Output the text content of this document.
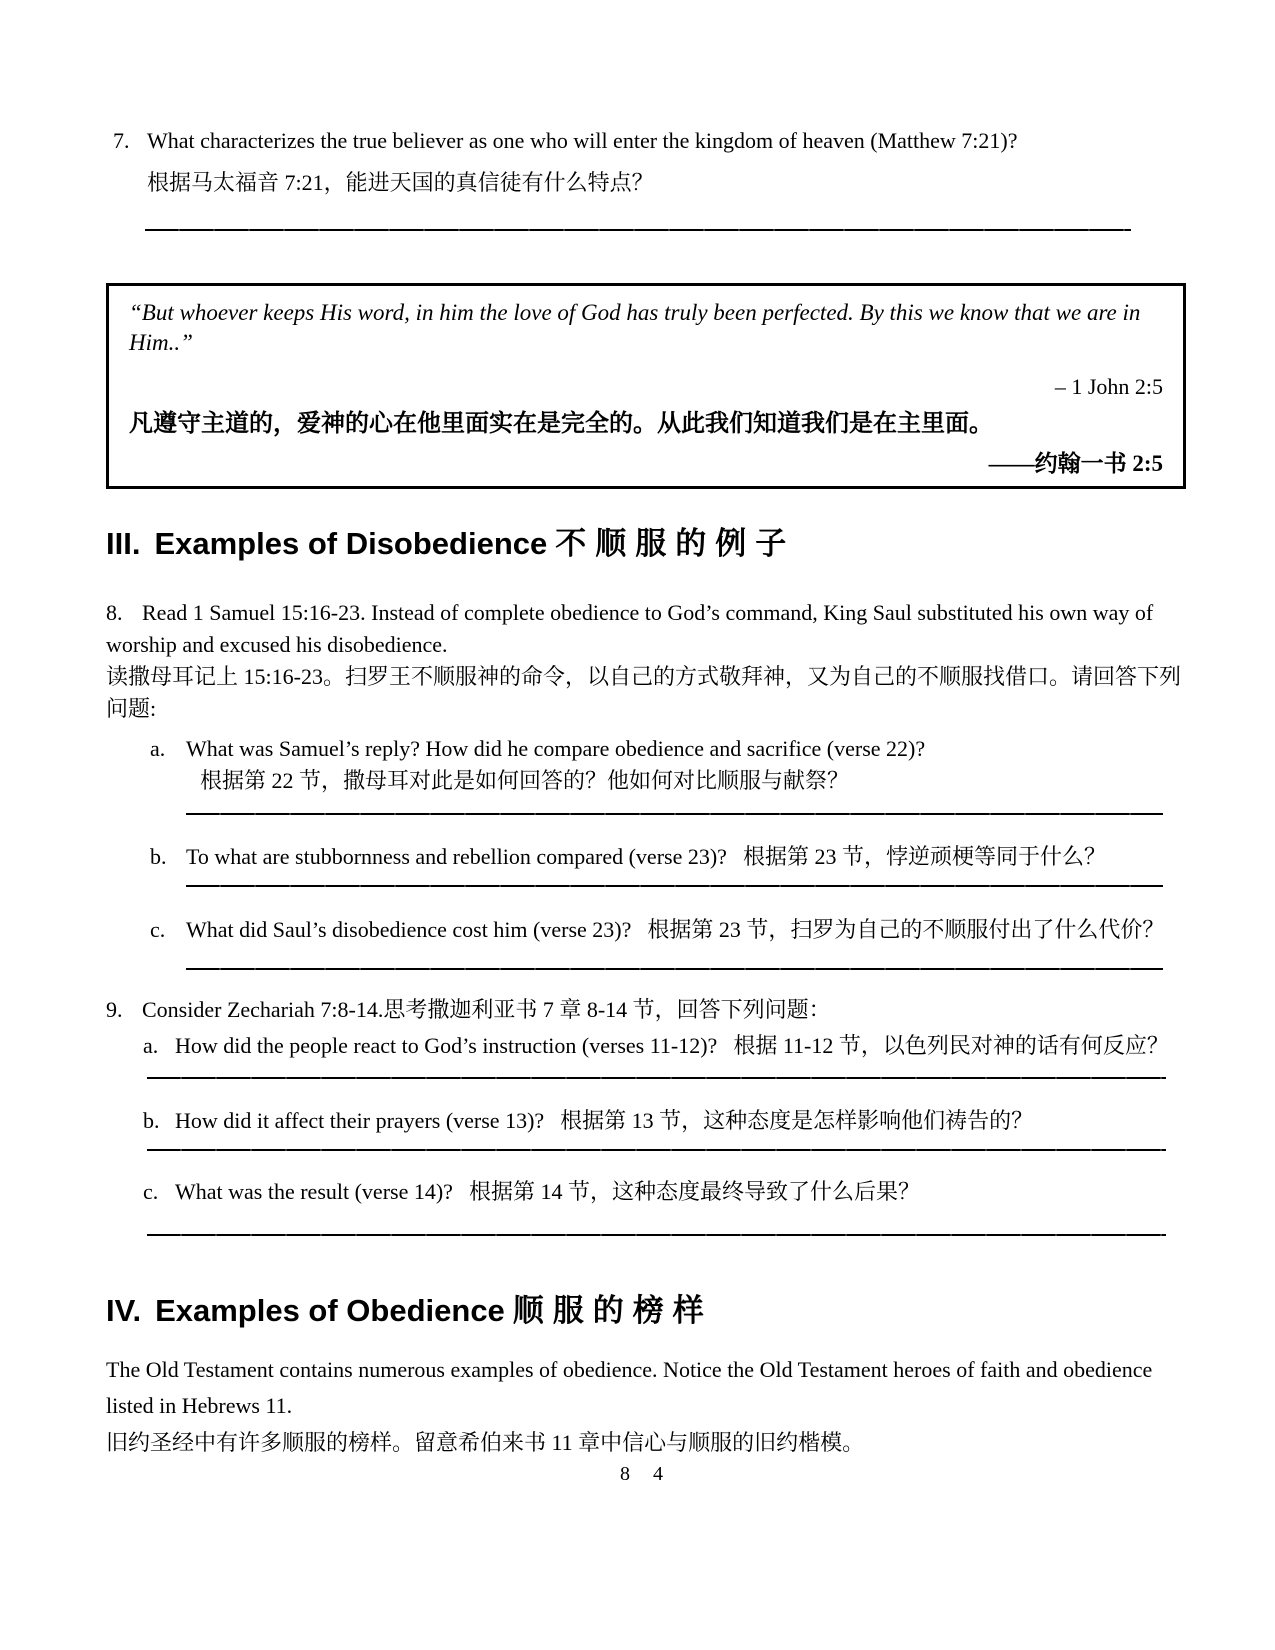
7. What characterizes the true believer as one who will enter the kingdom of heaven (Matthew 7:21)?
根据马太福音 7:21，能进天国的真信徒有什么特点？
“But whoever keeps His word, in him the love of God has truly been perfected. By this we know that we are in Him..”
– 1 John 2:5
凡遵守主道的，爱神的心在他里面实在是完全的。从此我们知道我们是在主里面。
——约翰一书 2:5
III. Examples of Disobedience 不顺服的例子
8. Read 1 Samuel 15:16-23. Instead of complete obedience to God’s command, King Saul substituted his own way of worship and excused his disobedience.
读撒母耳记上 15:16-23。扫罗王不顺服神的命令，以自己的方式敬拜神，又为自己的不顺服找借口。请回答下列问题:
a. What was Samuel’s reply? How did he compare obedience and sacrifice (verse 22)?
根据第 22 节，撒母耳对此是如何回答的？他如何对比顺服与献祭？
b. To what are stubbornness and rebellion compared (verse 23)? 根据第 23 节，悖逆顽梗等同于什么？
c. What did Saul’s disobedience cost him (verse 23)? 根据第 23 节，扫罗为自己的不顺服付出了什么代价？
9. Consider Zechariah 7:8-14.思考撒迦利亚书 7 章 8-14 节，回答下列问题：
a. How did the people react to God’s instruction (verses 11-12)? 根据 11-12 节，以色列民对神的话有何反应？
b. How did it affect their prayers (verse 13)? 根据第 13 节，这种态度是怎样影响他们祷告的？
c. What was the result (verse 14)? 根据第 14 节，这种态度最终导致了什么后果？
IV. Examples of Obedience 顺服的榜样
The Old Testament contains numerous examples of obedience. Notice the Old Testament heroes of faith and obedience listed in Hebrews 11.
旧约圣经中有许多顺服的榜样。留意希伯来书 11 章中信心与顺服的旧约楷模。
8 4
